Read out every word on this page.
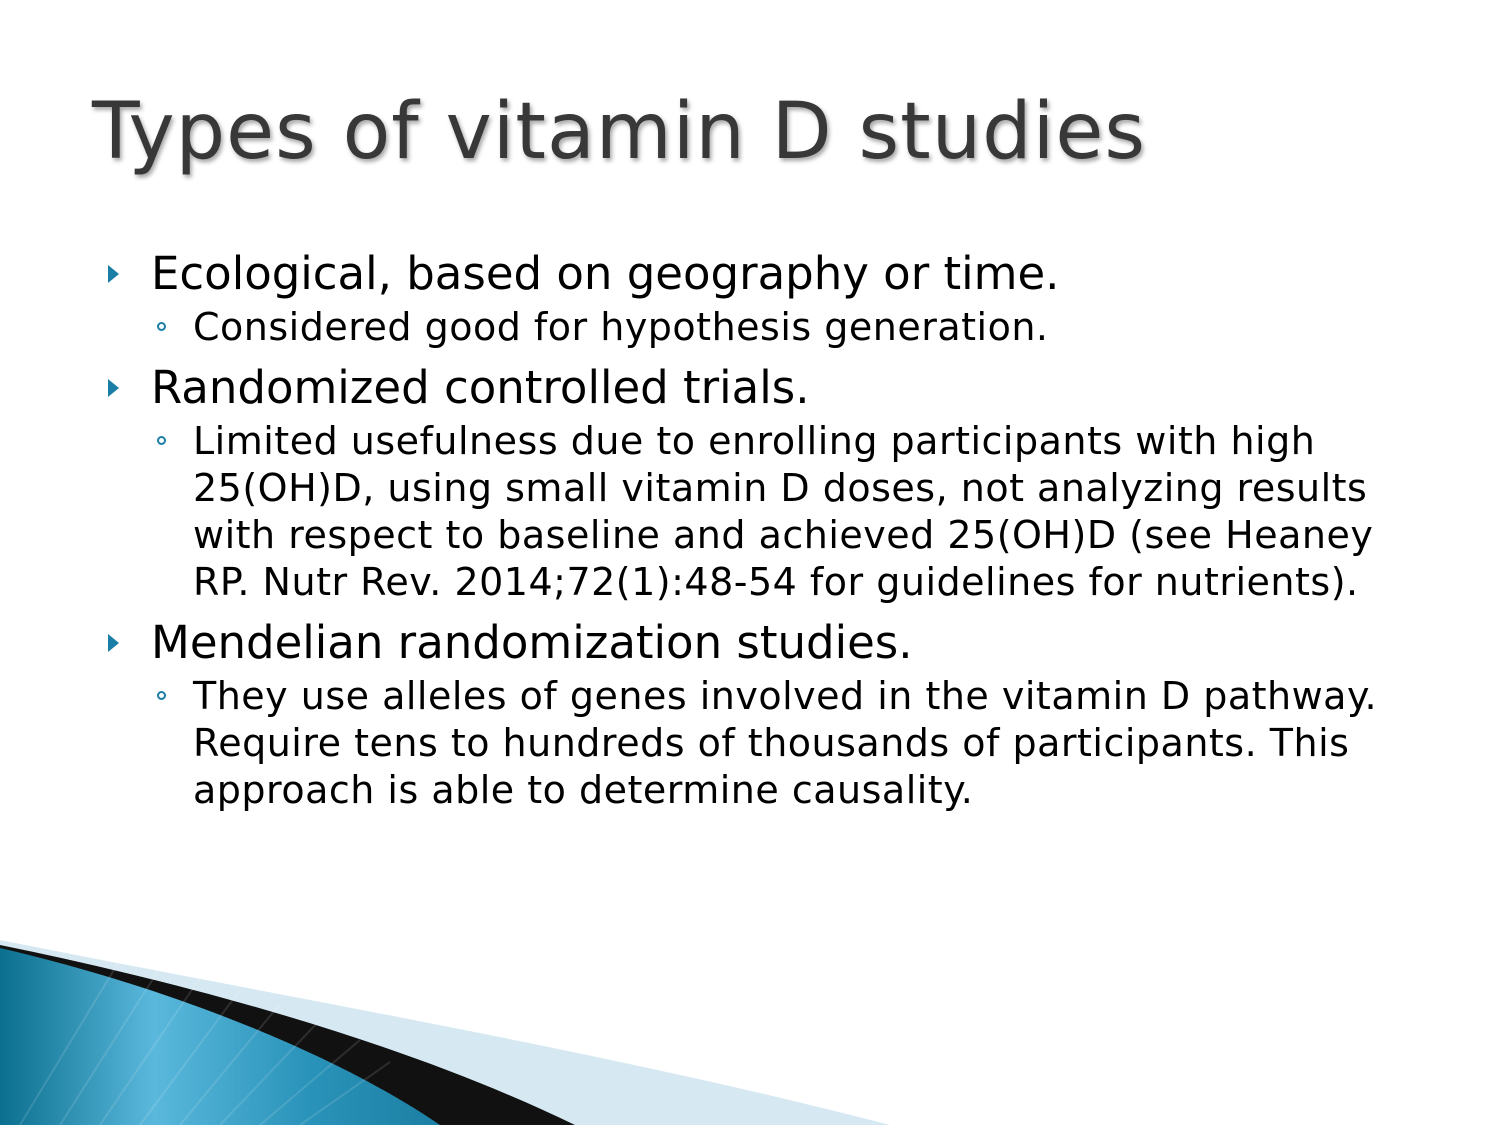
Types of vitamin D studies
Ecological, based on geography or time.
Considered good for hypothesis generation.
Randomized controlled trials.
Limited usefulness due to enrolling participants with high 25(OH)D, using small vitamin D doses, not analyzing results with respect to baseline and achieved 25(OH)D (see Heaney RP. Nutr Rev. 2014;72(1):48-54 for guidelines for nutrients).
Mendelian randomization studies.
They use alleles of genes involved in the vitamin D pathway. Require tens to hundreds of thousands of participants. This approach is able to determine causality.
